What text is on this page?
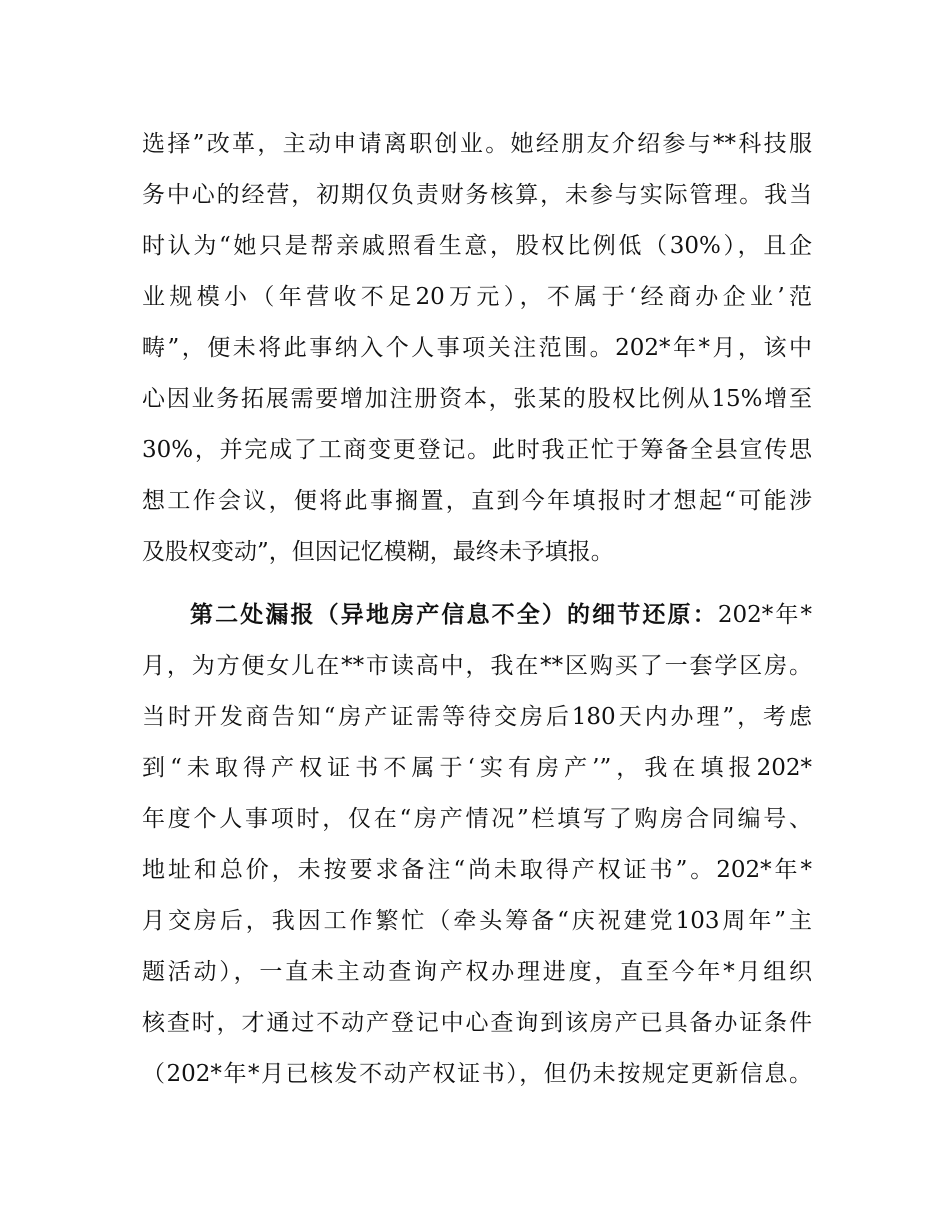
选择”改革，主动申请离职创业。她经朋友介绍参与**科技服
务中心的经营，初期仅负责财务核算，未参与实际管理。我当
时认为“她只是帮亲戚照看生意，股权比例低（30%），且企
业规模小（年营收不足20万元），不属于‘经商办企业’范
畴”，便未将此事纳入个人事项关注范围。202*年*月，该中
心因业务拓展需要增加注册资本，张某的股权比例从15%增至
30%，并完成了工商变更登记。此时我正忙于筹备全县宣传思
想工作会议，便将此事搁置，直到今年填报时才想起“可能涉
及股权变动”，但因记忆模糊，最终未予填报。
第二处漏报（异地房产信息不全）的细节还原：202*年*
月，为方便女儿在**市读高中，我在**区购买了一套学区房。
当时开发商告知“房产证需等待交房后180天内办理”，考虑
到“未取得产权证书不属于‘实有房产’”，我在填报202*
年度个人事项时，仅在“房产情况”栏填写了购房合同编号、
地址和总价，未按要求备注“尚未取得产权证书”。202*年*
月交房后，我因工作繁忙（牵头筹备“庆祝建党103周年”主
题活动），一直未主动查询产权办理进度，直至今年*月组织
核查时，才通过不动产登记中心查询到该房产已具备办证条件
（202*年*月已核发不动产权证书），但仍未按规定更新信息。
